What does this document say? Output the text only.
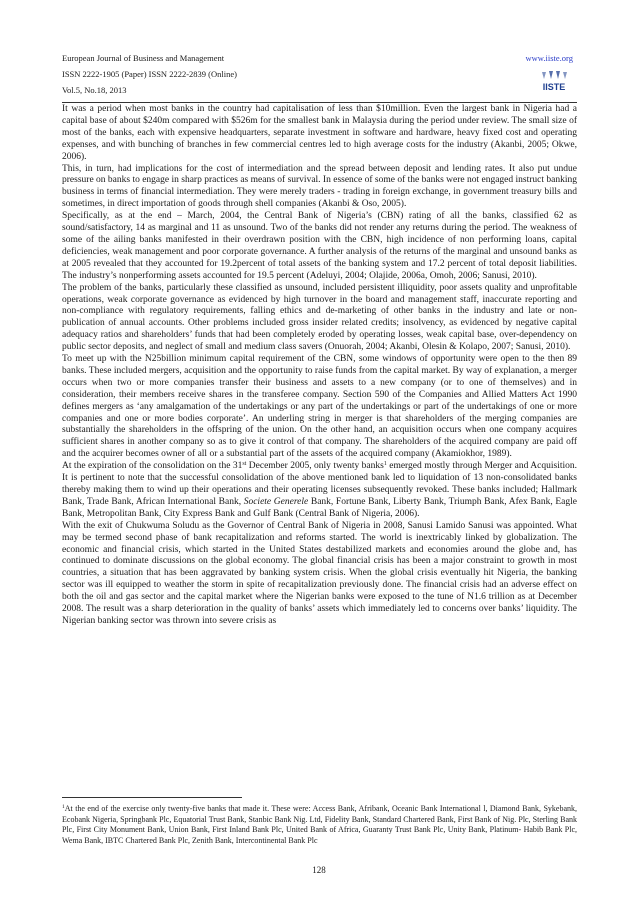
European Journal of Business and Management
ISSN 2222-1905 (Paper) ISSN 2222-2839 (Online)
Vol.5, No.18, 2013
www.iiste.org
IISTE

It was a period when most banks in the country had capitalisation of less than $10million. Even the largest bank in Nigeria had a capital base of about $240m compared with $526m for the smallest bank in Malaysia during the period under review. The small size of most of the banks, each with expensive headquarters, separate investment in software and hardware, heavy fixed cost and operating expenses, and with bunching of branches in few commercial centres led to high average costs for the industry (Akanbi, 2005; Okwe, 2006).

This, in turn, had implications for the cost of intermediation and the spread between deposit and lending rates. It also put undue pressure on banks to engage in sharp practices as means of survival. In essence of some of the banks were not engaged instruct banking business in terms of financial intermediation. They were merely traders - trading in foreign exchange, in government treasury bills and sometimes, in direct importation of goods through shell companies (Akanbi & Oso, 2005).

Specifically, as at the end – March, 2004, the Central Bank of Nigeria’s (CBN) rating of all the banks, classified 62 as sound/satisfactory, 14 as marginal and 11 as unsound. Two of the banks did not render any returns during the period. The weakness of some of the ailing banks manifested in their overdrawn position with the CBN, high incidence of non performing loans, capital deficiencies, weak management and poor corporate governance. A further analysis of the returns of the marginal and unsound banks as at 2005 revealed that they accounted for 19.2percent of total assets of the banking system and 17.2 percent of total deposit liabilities. The industry’s nonperforming assets accounted for 19.5 percent (Adeluyi, 2004; Olajide, 2006a, Omoh, 2006; Sanusi, 2010).

The problem of the banks, particularly these classified as unsound, included persistent illiquidity, poor assets quality and unprofitable operations, weak corporate governance as evidenced by high turnover in the board and management staff, inaccurate reporting and non-compliance with regulatory requirements, falling ethics and de-marketing of other banks in the industry and late or non-publication of annual accounts. Other problems included gross insider related credits; insolvency, as evidenced by negative capital adequacy ratios and shareholders’ funds that had been completely eroded by operating losses, weak capital base, over-dependency on public sector deposits, and neglect of small and medium class savers (Onuorah, 2004; Akanbi, Olesin & Kolapo, 2007; Sanusi, 2010).

To meet up with the N25billion minimum capital requirement of the CBN, some windows of opportunity were open to the then 89 banks. These included mergers, acquisition and the opportunity to raise funds from the capital market. By way of explanation, a merger occurs when two or more companies transfer their business and assets to a new company (or to one of themselves) and in consideration, their members receive shares in the transferee company. Section 590 of the Companies and Allied Matters Act 1990 defines mergers as ‘any amalgamation of the undertakings or any part of the undertakings or part of the undertakings of one or more companies and one or more bodies corporate’. An underling string in merger is that shareholders of the merging companies are substantially the shareholders in the offspring of the union. On the other hand, an acquisition occurs when one company acquires sufficient shares in another company so as to give it control of that company. The shareholders of the acquired company are paid off and the acquirer becomes owner of all or a substantial part of the assets of the acquired company (Akamiokhor, 1989).

At the expiration of the consolidation on the 31st December 2005, only twenty banks$^1$ emerged mostly through Merger and Acquisition. It is pertinent to note that the successful consolidation of the above mentioned bank led to liquidation of 13 non-consolidated banks thereby making them to wind up their operations and their operating licenses subsequently revoked. These banks included; Hallmark Bank, Trade Bank, African International Bank, Societe Generele Bank, Fortune Bank, Liberty Bank, Triumph Bank, Afex Bank, Eagle Bank, Metropolitan Bank, City Express Bank and Gulf Bank (Central Bank of Nigeria, 2006).

With the exit of Chukwuma Soludu as the Governor of Central Bank of Nigeria in 2008, Sanusi Lamido Sanusi was appointed. What may be termed second phase of bank recapitalization and reforms started. The world is inextricably linked by globalization. The economic and financial crisis, which started in the United States destabilized markets and economies around the globe and, has continued to dominate discussions on the global economy. The global financial crisis has been a major constraint to growth in most countries, a situation that has been aggravated by banking system crisis. When the global crisis eventually hit Nigeria, the banking sector was ill equipped to weather the storm in spite of recapitalization previously done. The financial crisis had an adverse effect on both the oil and gas sector and the capital market where the Nigerian banks were exposed to the tune of N1.6 trillion as at December 2008. The result was a sharp deterioration in the quality of banks’ assets which immediately led to concerns over banks’ liquidity. The Nigerian banking sector was thrown into severe crisis as

$^1$At the end of the exercise only twenty-five banks that made it. These were: Access Bank, Afribank, Oceanic Bank International l, Diamond Bank, Sykebank, Ecobank Nigeria, Springbank Plc, Equatorial Trust Bank, Stanbic Bank Nig. Ltd, Fidelity Bank, Standard Chartered Bank, First Bank of Nig. Plc, Sterling Bank Plc, First City Monument Bank, Union Bank, First Inland Bank Plc, United Bank of Africa, Guaranty Trust Bank Plc, Unity Bank, Platinum- Habib Bank Plc, Wema Bank, IBTC Chartered Bank Plc, Zenith Bank, Intercontinental Bank Plc
128
